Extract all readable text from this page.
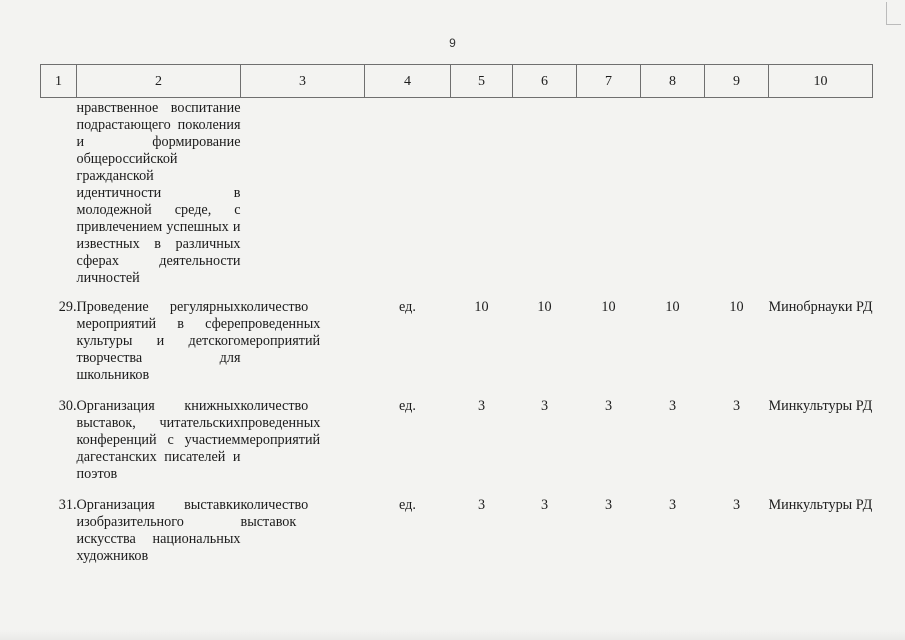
9
1	2	3	4	5	6	7	8	9	10
	нравственное воспитание подрастающего поколения и формирование общероссийской гражданской идентичности в молодежной среде, с привлечением успешных и известных в различных сферах деятельности личностей								
29.	Проведение регулярных мероприятий в сфере культуры и детского творчества для школьников	количество проведенных мероприятий	ед.	10	10	10	10	10	Минобрнауки РД
30.	Организация книжных выставок, читательских конференций с участием дагестанских писателей и поэтов	количество проведенных мероприятий	ед.	3	3	3	3	3	Минкультуры РД
31.	Организация выставки изобразительного искусства национальных художников	количество выставок	ед.	3	3	3	3	3	Минкультуры РД
